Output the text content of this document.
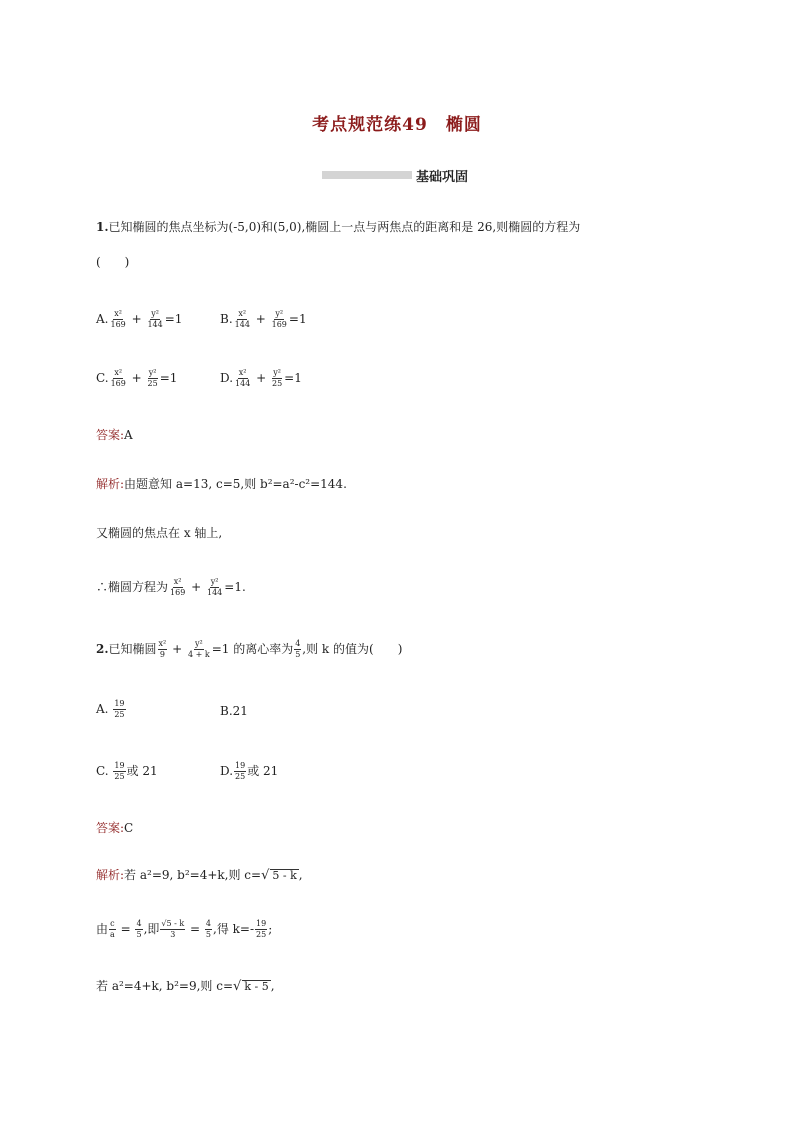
考点规范练49　椭圆
基础巩固
1.已知椭圆的焦点坐标为(-5,0)和(5,0),椭圆上一点与两焦点的距离和是 26,则椭圆的方程为
(　　)
A. $\frac{\text{x²}}{169} + \frac{\text{y²}}{144} =1$	B. $\frac{\text{x²}}{144} + \frac{\text{y²}}{169} =1$
C. $\frac{\text{x²}}{169} + \frac{\text{y²}}{25} =1$	D. $\frac{\text{x²}}{144} + \frac{\text{y²}}{25} =1$
答案:A
解析:由题意知 a=13, c=5,则 b²=a²-c²=144.
又椭圆的焦点在 x 轴上,
∴椭圆方程为 $\frac{\text{x²}}{169} + \frac{\text{y²}}{144} =1$.
2.已知椭圆 $\frac{\text{x²}}{9} + \frac{\text{y²}}{4 + k} =1$ 的离心率为 $\frac{4}{5}$ ,则 k 的值为(　　)
A. $\frac{19}{25}$	B.21
C. $\frac{19}{25}$ 或 21	D. $\frac{19}{25}$ 或 21
答案:C
解析:若 a²=9, b²=4+k,则 c=√ 5 - k ,
由 $\frac{c}{a} = \frac{4}{5}$ ,即 $\frac{√5 - k}{3} = \frac{4}{5}$ ,得 $k=- \frac{19}{25}$ ;
若 a²=4+k, b²=9,则 c=√ k - 5 ,
